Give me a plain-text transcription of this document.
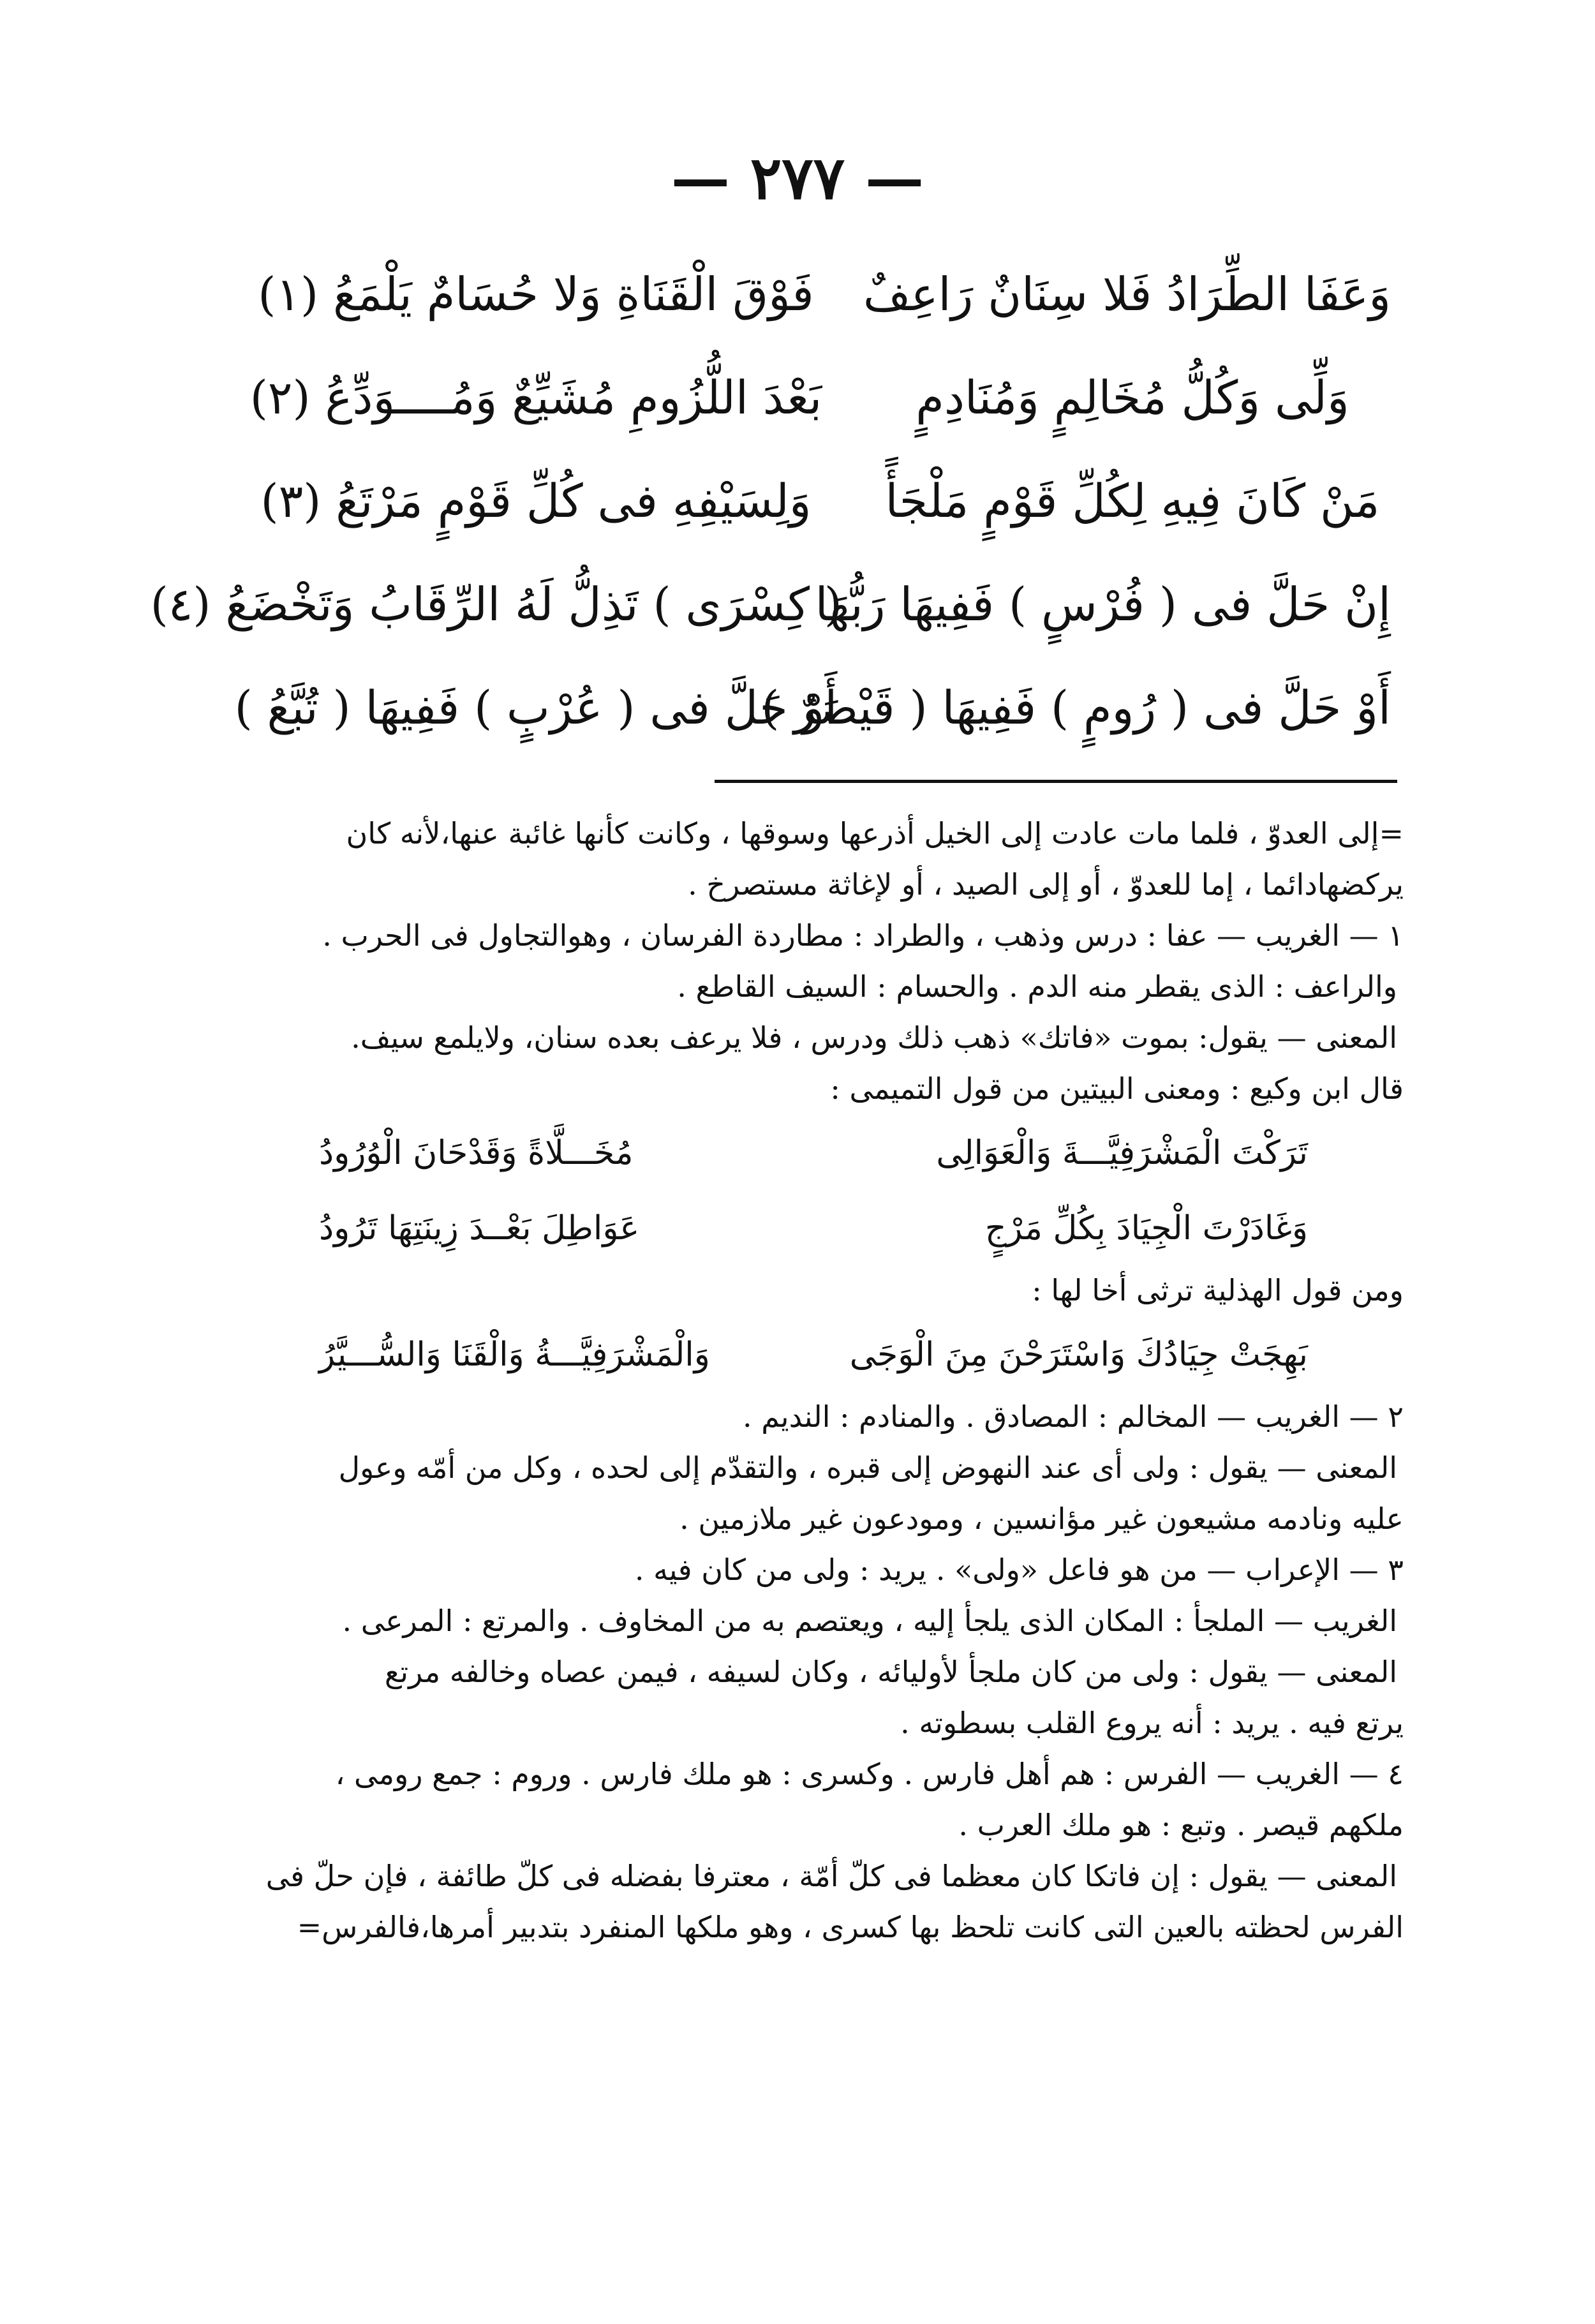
— ٢٧٧ —
وَعَفَا الطِّرَادُ فَلا سِنَانٌ رَاعِفٌ
فَوْقَ الْقَنَاةِ وَلا حُسَامٌ يَلْمَعُ (١)
وَلِّى وَكُلُّ مُخَالِمٍ وَمُنَادِمٍ
بَعْدَ اللُّزُومِ مُشَيِّعٌ وَمُــــوَدِّعُ (٢)
مَنْ كَانَ فِيهِ لِكُلِّ قَوْمٍ مَلْجَأً
وَلِسَيْفِهِ فى كُلِّ قَوْمٍ مَرْتَعُ (٣)
إِنْ حَلَّ فى ( فُرْسٍ ) فَفِيهَا رَبُّهَا
( كِسْرَى ) تَذِلُّ لَهُ الرِّقَابُ وَتَخْضَعُ (٤)
أَوْ حَلَّ فى ( رُومٍ ) فَفِيهَا ( قَيْصَرٌ )
أَوْ حَلَّ فى ( عُرْبٍ ) فَفِيهَا ( تُبَّعُ )

=إلى العدوّ ، فلما مات عادت إلى الخيل أذرعها وسوقها ، وكانت كأنها غائبة عنها،لأنه كان

يركضهادائما ، إما للعدوّ ، أو إلى الصيد ، أو لإغاثة مستصرخ .

١ — الغريب — عفا : درس وذهب ، والطراد : مطاردة الفرسان ، وهوالتجاول فى الحرب .

والراعف : الذى يقطر منه الدم . والحسام : السيف القاطع .

المعنى — يقول: بموت «فاتك» ذهب ذلك ودرس ، فلا يرعف بعده سنان، ولايلمع سيف.

قال ابن وكيع : ومعنى البيتين من قول التميمى :

تَرَكْتَ الْمَشْرَفِيَّـــةَ وَالْعَوَالِى
مُخَـــلَّاةً وَقَدْحَانَ الْوُرُودُ
وَغَادَرْتَ الْجِيَادَ بِكُلِّ مَرْجٍ
عَوَاطِلَ بَعْــدَ زِينَتِهَا تَرُودُ

ومن قول الهذلية ترثى أخا لها :

بَهِجَتْ جِيَادُكَ وَاسْتَرَحْنَ مِنَ الْوَجَى
وَالْمَشْرَفِيَّـــةُ وَالْقَنَا وَالسُّـــيَّرُ

٢ — الغريب — المخالم : المصادق . والمنادم : النديم .

المعنى — يقول : ولى أى عند النهوض إلى قبره ، والتقدّم إلى لحده ، وكل من أمّه وعول

عليه ونادمه مشيعون غير مؤانسين ، ومودعون غير ملازمين .

٣ — الإعراب — من هو فاعل «ولى» . يريد : ولى من كان فيه .

الغريب — الملجأ : المكان الذى يلجأ إليه ، ويعتصم به من المخاوف . والمرتع : المرعى .

المعنى — يقول : ولى من كان ملجأ لأوليائه ، وكان لسيفه ، فيمن عصاه وخالفه مرتع

يرتع فيه . يريد : أنه يروع القلب بسطوته .

٤ — الغريب — الفرس : هم أهل فارس . وكسرى : هو ملك فارس . وروم : جمع رومى ،

ملكهم قيصر . وتبع : هو ملك العرب .

المعنى — يقول : إن فاتكا كان معظما فى كلّ أمّة ، معترفا بفضله فى كلّ طائفة ، فإن حلّ فى

الفرس لحظته بالعين التى كانت تلحظ بها كسرى ، وهو ملكها المنفرد بتدبير أمرها،فالفرس=
